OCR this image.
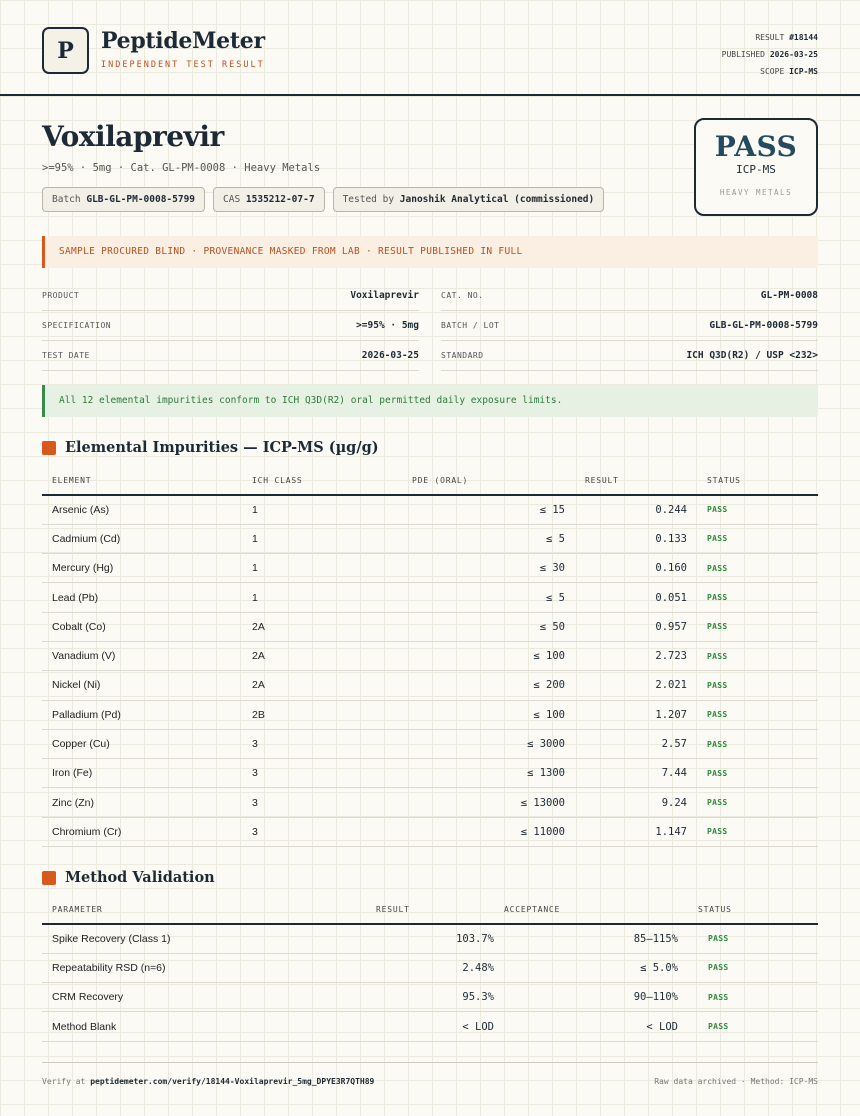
P	PeptideMeter
INDEPENDENT TEST RESULT
RESULT #18144
PUBLISHED 2026-03-25
SCOPE ICP-MS
Voxilaprevir
>=95% · 5mg · Cat. GL-PM-0008 · Heavy Metals
Batch GLB-GL-PM-0008-5799	CAS 1535212-07-7	Tested by Janoshik Analytical (commissioned)
PASS
ICP-MS
HEAVY METALS
SAMPLE PROCURED BLIND · PROVENANCE MASKED FROM LAB · RESULT PUBLISHED IN FULL
PRODUCT	Voxilaprevir
SPECIFICATION	>=95% · 5mg
TEST DATE	2026-03-25
CAT. NO.	GL-PM-0008
BATCH / LOT	GLB-GL-PM-0008-5799
STANDARD	ICH Q3D(R2) / USP <232>
All 12 elemental impurities conform to ICH Q3D(R2) oral permitted daily exposure limits.
Elemental Impurities — ICP-MS (µg/g)
ELEMENT	ICH CLASS	PDE (ORAL)	RESULT	STATUS
Arsenic (As)	1	≤ 15	0.244	PASS
Cadmium (Cd)	1	≤ 5	0.133	PASS
Mercury (Hg)	1	≤ 30	0.160	PASS
Lead (Pb)	1	≤ 5	0.051	PASS
Cobalt (Co)	2A	≤ 50	0.957	PASS
Vanadium (V)	2A	≤ 100	2.723	PASS
Nickel (Ni)	2A	≤ 200	2.021	PASS
Palladium (Pd)	2B	≤ 100	1.207	PASS
Copper (Cu)	3	≤ 3000	2.57	PASS
Iron (Fe)	3	≤ 1300	7.44	PASS
Zinc (Zn)	3	≤ 13000	9.24	PASS
Chromium (Cr)	3	≤ 11000	1.147	PASS
Method Validation
PARAMETER	RESULT	ACCEPTANCE	STATUS
Spike Recovery (Class 1)	103.7%	85–115%	PASS
Repeatability RSD (n=6)	2.48%	≤ 5.0%	PASS
CRM Recovery	95.3%	90–110%	PASS
Method Blank	< LOD	< LOD	PASS
Verify at peptidemeter.com/verify/18144-Voxilaprevir_5mg_DPYE3R7QTH89	Raw data archived · Method: ICP-MS
